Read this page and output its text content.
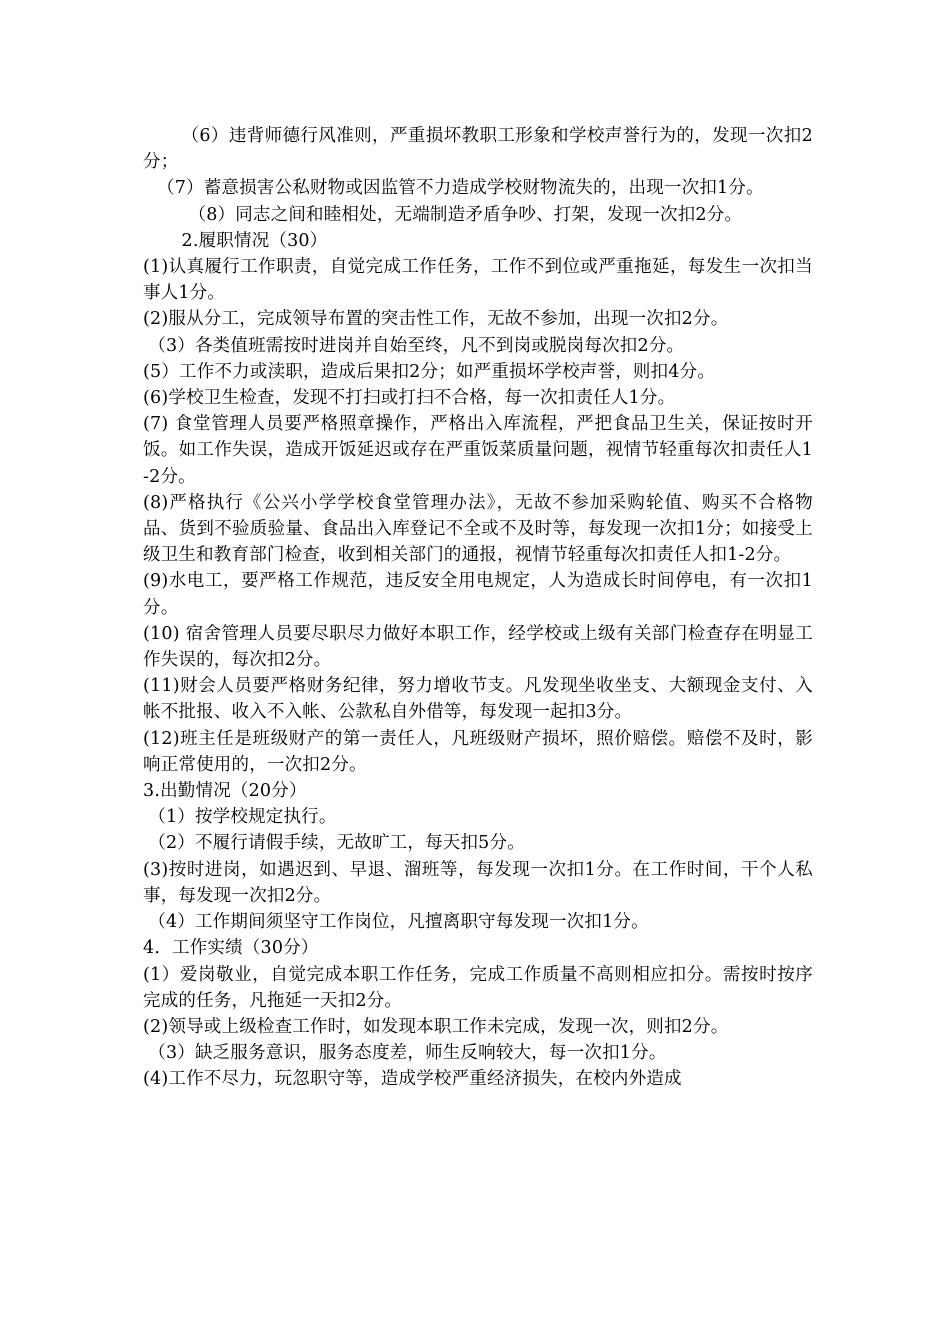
（6）违背师德行风准则，严重损坏教职工形象和学校声誉行为的，发现一次扣2分；

（7）蓄意损害公私财物或因监管不力造成学校财物流失的，出现一次扣1分。

（8）同志之间和睦相处，无端制造矛盾争吵、打架，发现一次扣2分。

2.履职情况（30）

(1)认真履行工作职责，自觉完成工作任务，工作不到位或严重拖延，每发生一次扣当事人1分。

(2)服从分工，完成领导布置的突击性工作，无故不参加，出现一次扣2分。

（3）各类值班需按时进岗并自始至终，凡不到岗或脱岗每次扣2分。

(5）工作不力或渎职，造成后果扣2分；如严重损坏学校声誉，则扣4分。

(6)学校卫生检查，发现不打扫或打扫不合格，每一次扣责任人1分。

(7) 食堂管理人员要严格照章操作，严格出入库流程，严把食品卫生关，保证按时开饭。如工作失误，造成开饭延迟或存在严重饭菜质量问题，视情节轻重每次扣责任人1-2分。

(8)严格执行《公兴小学学校食堂管理办法》，无故不参加采购轮值、购买不合格物品、货到不验质验量、食品出入库登记不全或不及时等，每发现一次扣1分；如接受上级卫生和教育部门检查，收到相关部门的通报，视情节轻重每次扣责任人扣1-2分。

(9)水电工，要严格工作规范，违反安全用电规定，人为造成长时间停电，有一次扣1分。

(10) 宿舍管理人员要尽职尽力做好本职工作，经学校或上级有关部门检查存在明显工作失误的，每次扣2分。

(11)财会人员要严格财务纪律，努力增收节支。凡发现坐收坐支、大额现金支付、入帐不批报、收入不入帐、公款私自外借等，每发现一起扣3分。

(12)班主任是班级财产的第一责任人，凡班级财产损坏，照价赔偿。赔偿不及时，影响正常使用的，一次扣2分。

3.出勤情况（20分）

（1）按学校规定执行。

（2）不履行请假手续，无故旷工，每天扣5分。

(3)按时进岗，如遇迟到、早退、溜班等，每发现一次扣1分。在工作时间，干个人私事，每发现一次扣2分。

（4）工作期间须坚守工作岗位，凡擅离职守每发现一次扣1分。

4．工作实绩（30分）

(1）爱岗敬业，自觉完成本职工作任务，完成工作质量不高则相应扣分。需按时按序完成的任务，凡拖延一天扣2分。

(2)领导或上级检查工作时，如发现本职工作未完成，发现一次，则扣2分。

（3）缺乏服务意识，服务态度差，师生反响较大，每一次扣1分。

(4)工作不尽力，玩忽职守等，造成学校严重经济损失，在校内外造成
